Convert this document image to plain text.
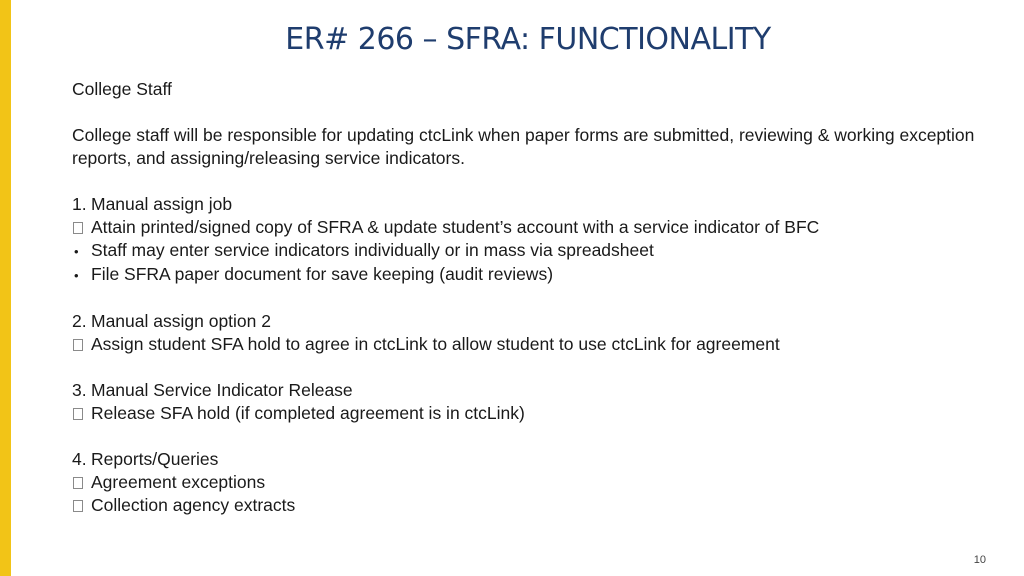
ER# 266 – SFRA: FUNCTIONALITY

College Staff

College staff will be responsible for updating ctcLink when paper forms are submitted, reviewing & working exception reports, and assigning/releasing service indicators.

1. Manual assign job
Attain printed/signed copy of SFRA & update student’s account with a service indicator of BFC
• Staff may enter service indicators individually or in mass via spreadsheet
• File SFRA paper document for save keeping (audit reviews)
2. Manual assign option 2
Assign student SFA hold to agree in ctcLink to allow student to use ctcLink for agreement
3. Manual Service Indicator Release
Release SFA hold (if completed agreement is in ctcLink)
4. Reports/Queries
Agreement exceptions
Collection agency extracts
10
